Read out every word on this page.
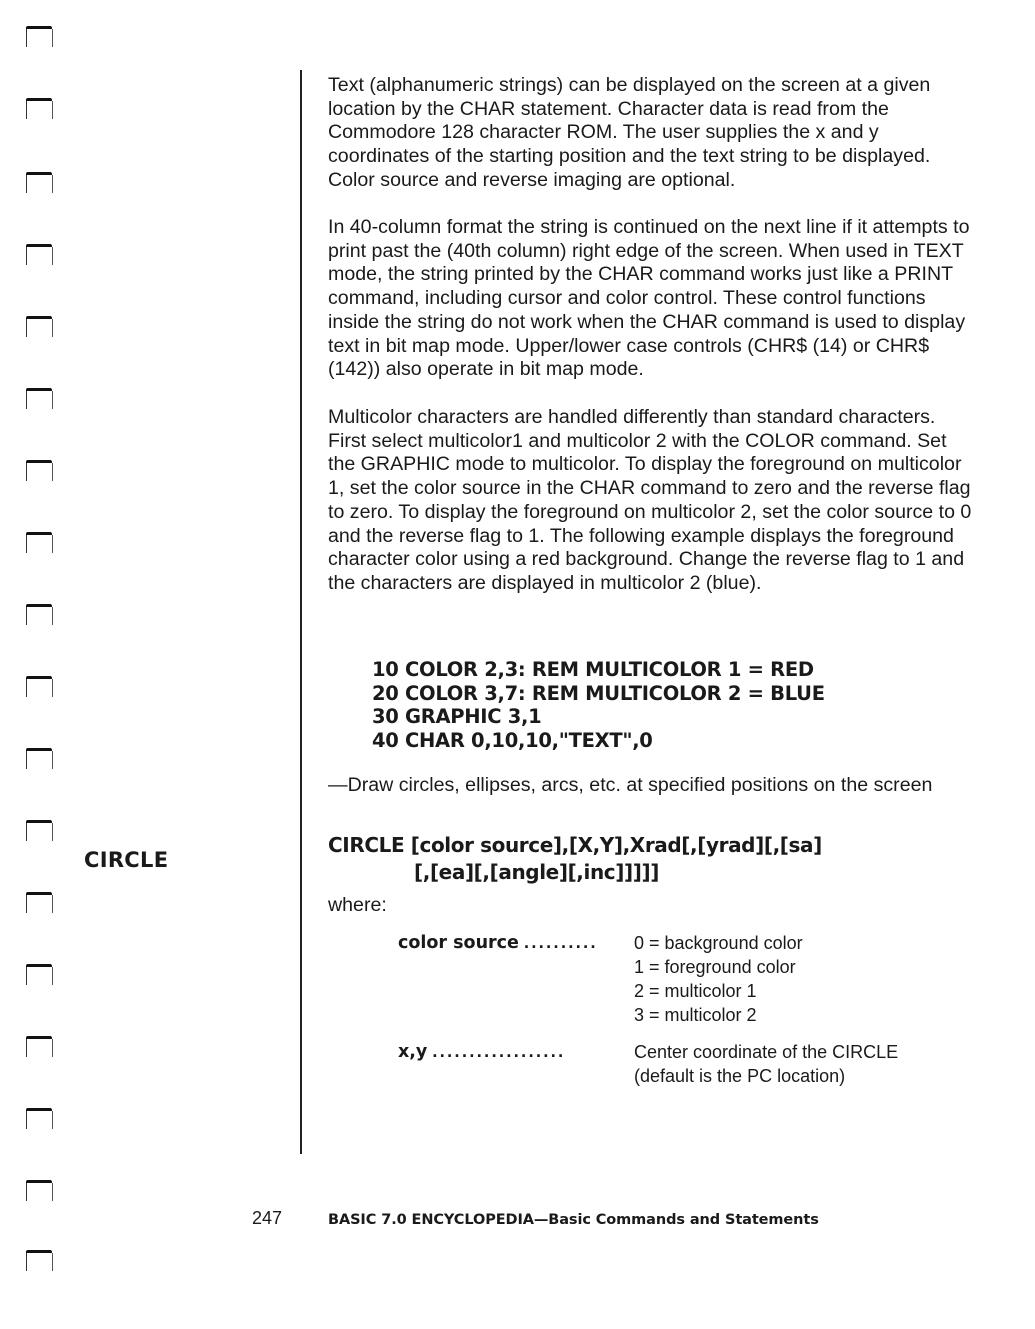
Text (alphanumeric strings) can be displayed on the screen at a given location by the CHAR statement. Character data is read from the Commodore 128 character ROM. The user supplies the x and y coordinates of the starting position and the text string to be displayed. Color source and reverse imaging are optional.

In 40-column format the string is continued on the next line if it attempts to print past the (40th column) right edge of the screen. When used in TEXT mode, the string printed by the CHAR command works just like a PRINT command, including cursor and color control. These control functions inside the string do not work when the CHAR command is used to display text in bit map mode. Upper/lower case controls (CHR$ (14) or CHR$ (142)) also operate in bit map mode.

Multicolor characters are handled differently than standard characters. First select multicolor1 and multicolor 2 with the COLOR command. Set the GRAPHIC mode to multicolor. To display the foreground on multicolor 1, set the color source in the CHAR command to zero and the reverse flag to zero. To display the foreground on multicolor 2, set the color source to 0 and the reverse flag to 1. The following example displays the foreground character color using a red background. Change the reverse flag to 1 and the characters are displayed in multicolor 2 (blue).

10 COLOR 2,3: REM MULTICOLOR 1 = RED
20 COLOR 3,7: REM MULTICOLOR 2 = BLUE
30 GRAPHIC 3,1
40 CHAR 0,10,10,"TEXT",0

—Draw circles, ellipses, arcs, etc. at specified positions on the screen

CIRCLE
CIRCLE [color source],[X,Y],Xrad[,[yrad][,[sa]
[,[ea][,[angle][,inc]]]]]
where:
color source .......... 0 = background color
1 = foreground color
2 = multicolor 1
3 = multicolor 2
x,y ..................	Center coordinate of the CIRCLE
(default is the PC location)
247	BASIC 7.0 ENCYCLOPEDIA—Basic Commands and Statements
